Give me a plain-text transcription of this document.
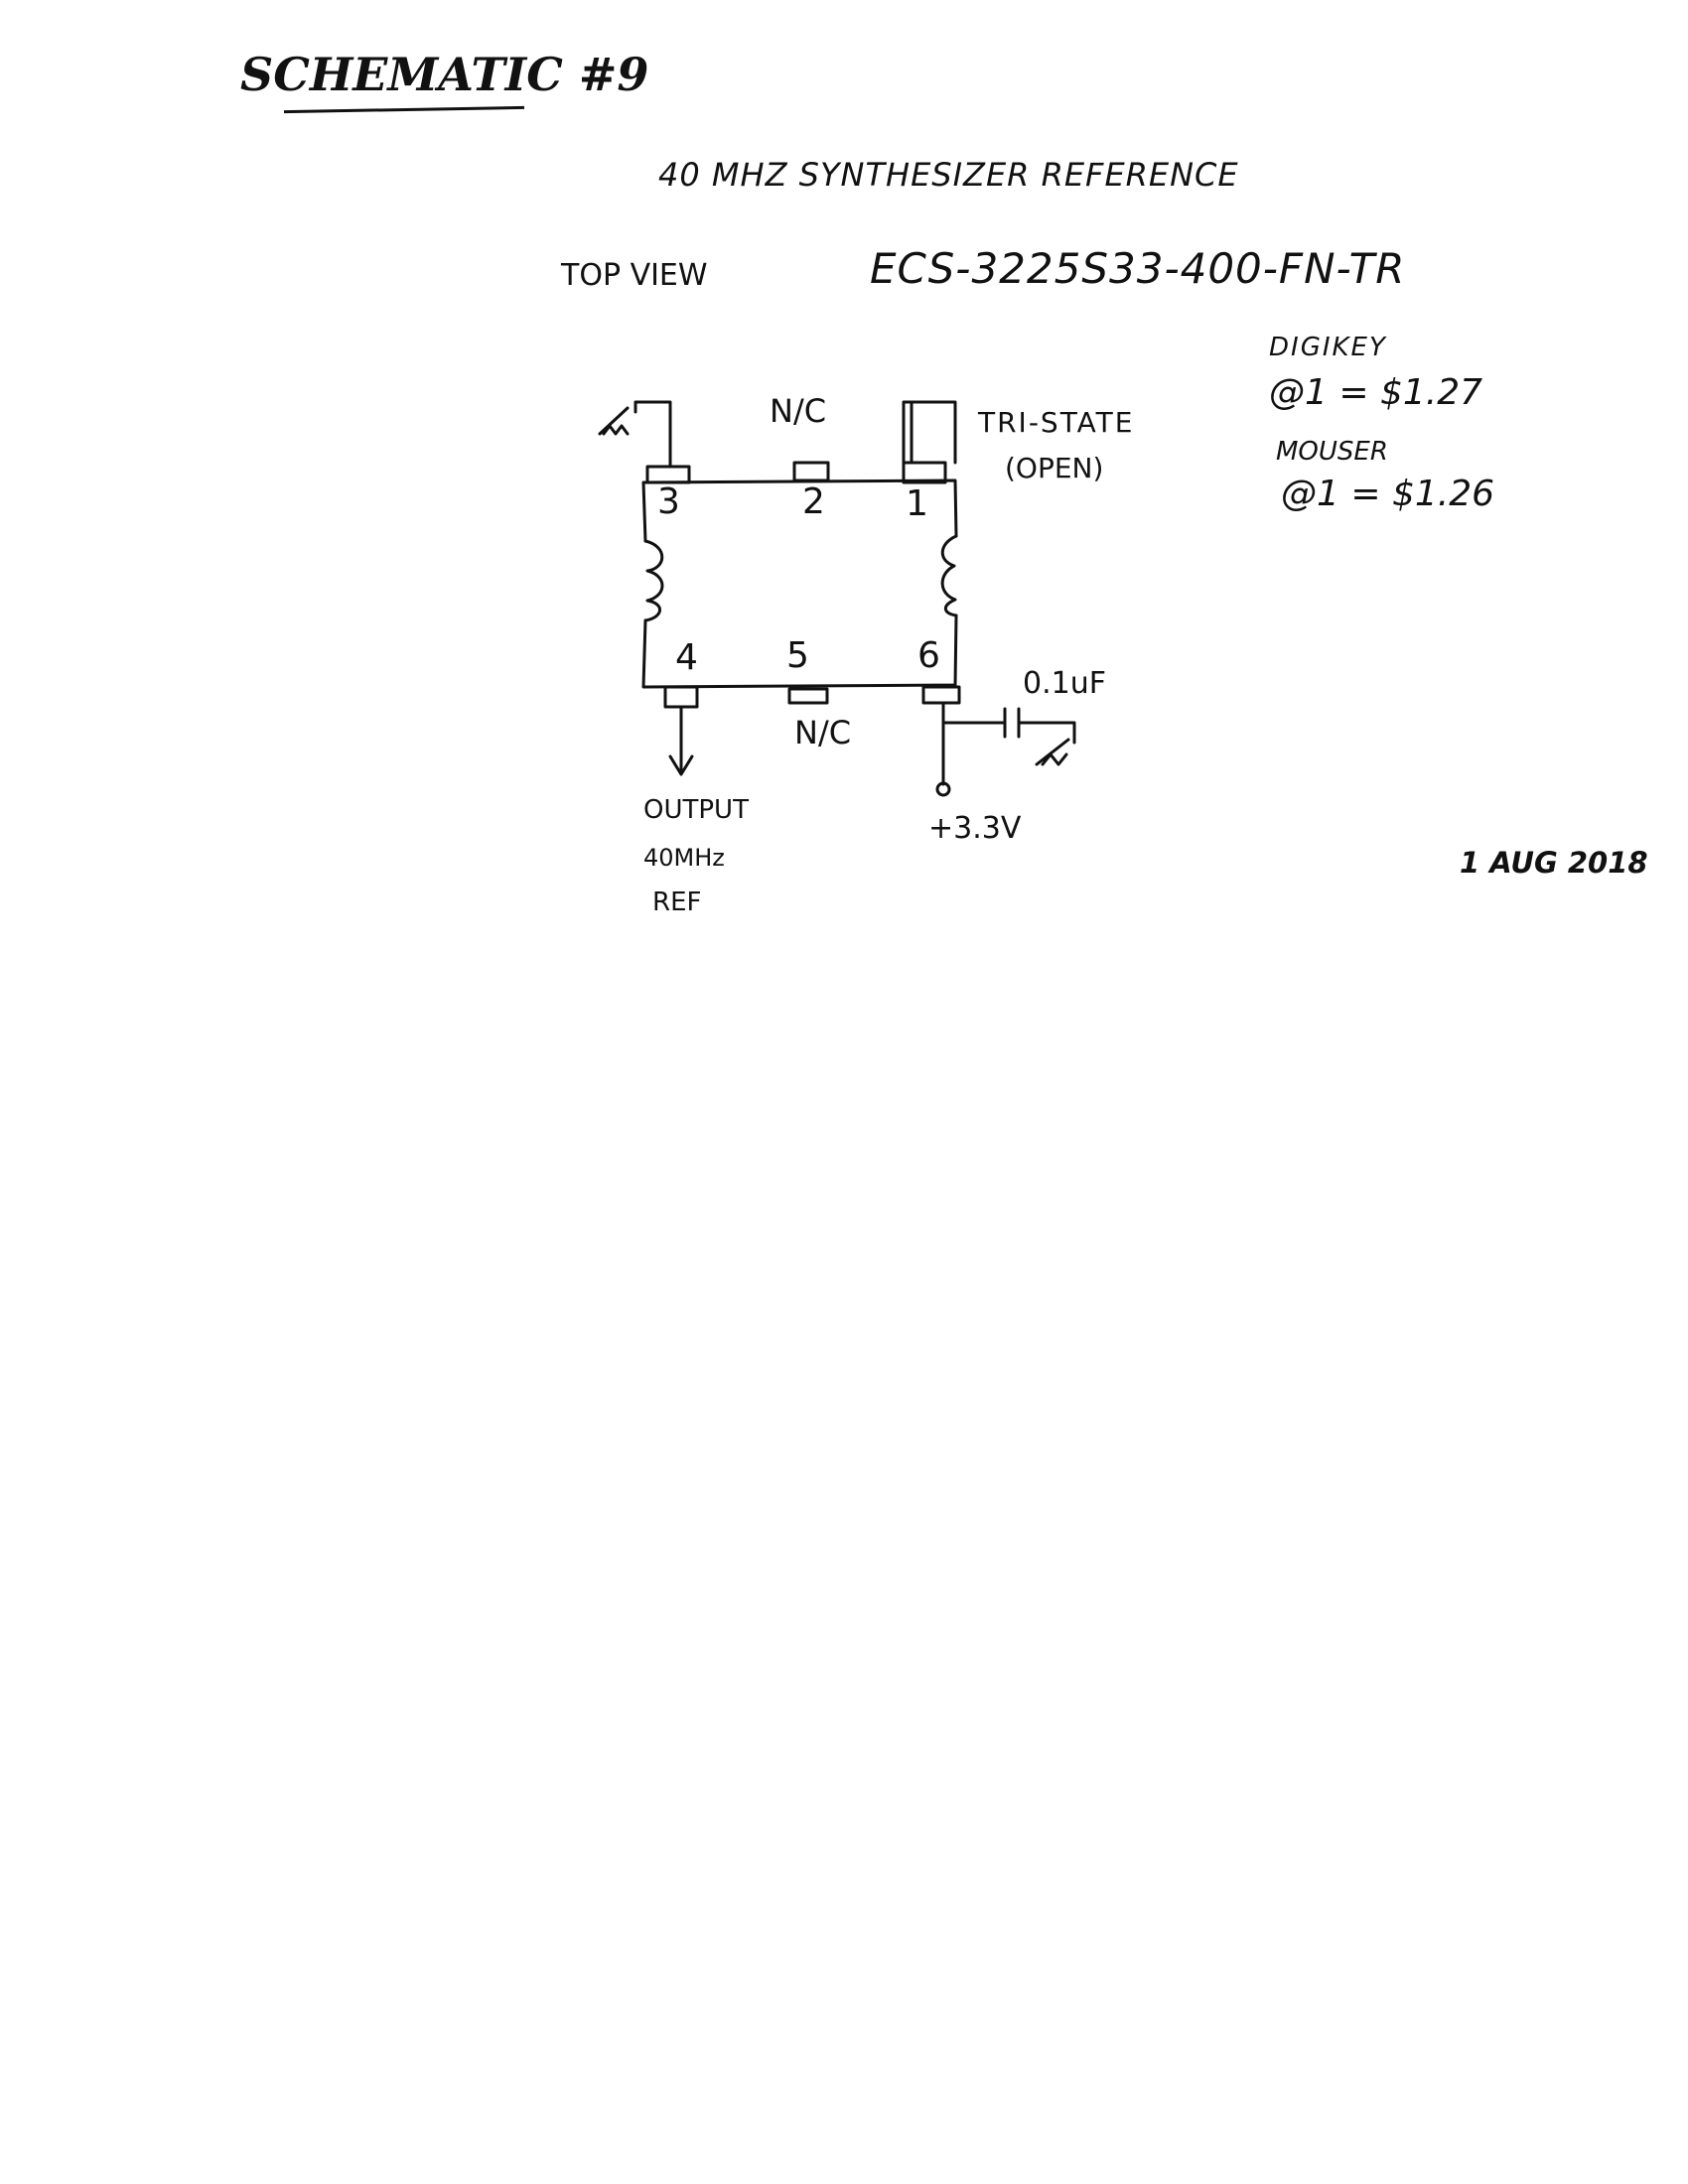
SCHEMATIC #9
40 MHZ SYNTHESIZER REFERENCE
TOP VIEW	ECS-3225S33-400-FN-TR
DIGIKEY
@1 = $1.27
MOUSER
@1 = $1.26
3	2 1
4 5	6
N/C	TRI-STATE
(OPEN)
N/C
0.1uF
+3.3V
OUTPUT
40MHz
REF
1 AUG 2018
